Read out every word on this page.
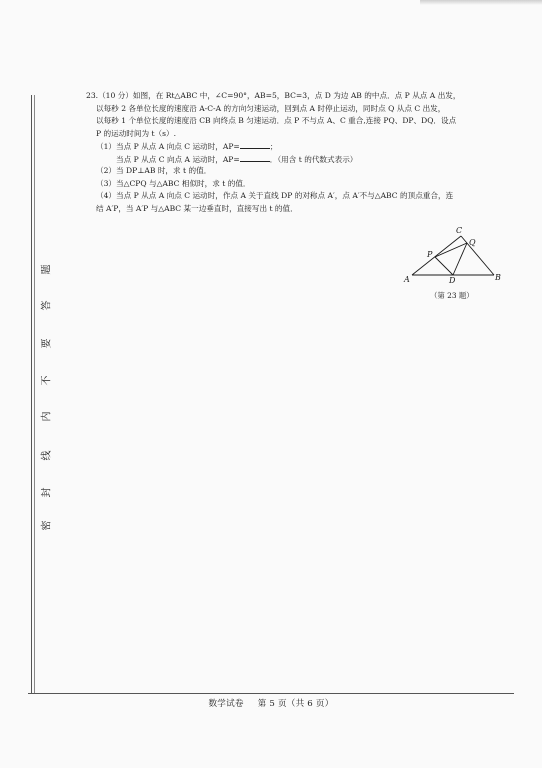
密
封
线
内
不
要
答
题
23.（10 分）如图，在 Rt△ABC 中，∠C=90°，AB=5，BC=3，点 D 为边 AB 的中点．点 P 从点 A 出发，
以每秒 2 各单位长度的速度沿 A-C-A 的方向匀速运动，回到点 A 时停止运动，同时点 Q 从点 C 出发，
以每秒 1 个单位长度的速度沿 CB 向终点 B 匀速运动．点 P 不与点 A、C 重合,连接 PQ、DP、DQ．设点
P 的运动时间为 t（s）.
（1）当点 P 从点 A 向点 C 运动时，AP=	；
当点 P 从点 C 向点 A 运动时，AP=	．（用含 t 的代数式表示）
（2）当 DP⊥AB 时，求 t 的值．
（3）当△CPQ 与△ABC 相似时，求 t 的值．
（4）当点 P 从点 A 向点 C 运动时，作点 A 关于直线 DP 的对称点 A′，点 A′不与△ABC 的顶点重合，连
结 A′P，当 A′P 与△ABC 某一边垂直时，直接写出 t 的值．
A	B
C
D
P
Q
（第 23 题）
数学试卷 第 5 页（共 6 页）
